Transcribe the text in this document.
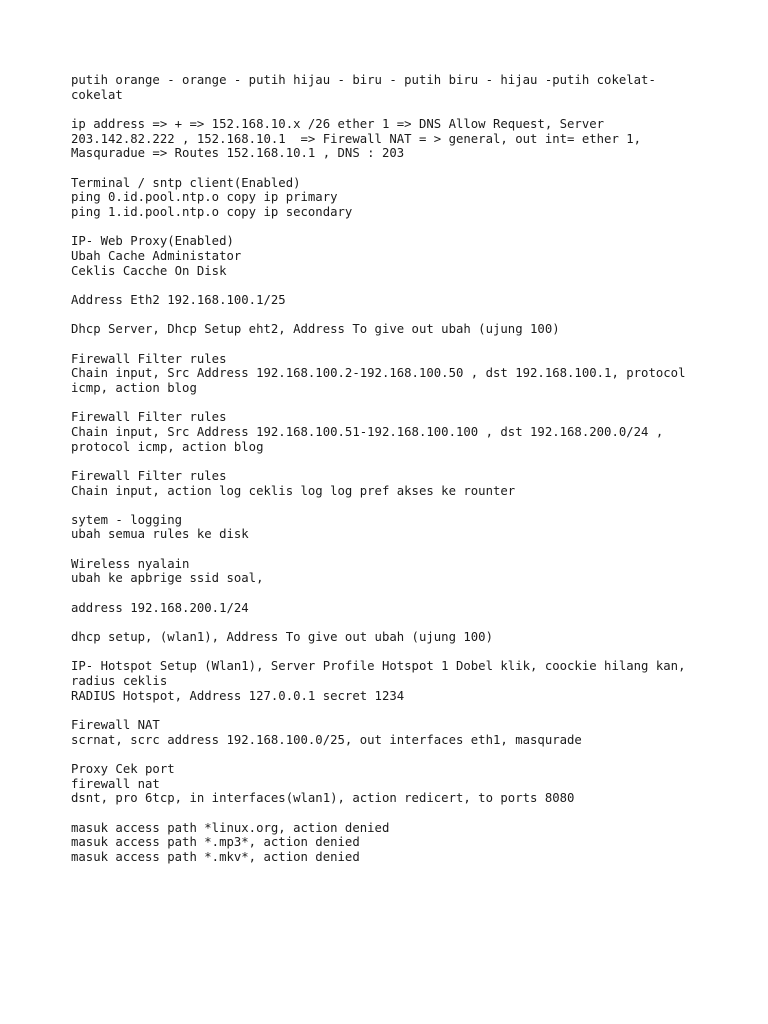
putih orange - orange - putih hijau - biru - putih biru - hijau -putih cokelat-
cokelat
ip address => + => 152.168.10.x /26 ether 1 => DNS Allow Request, Server
203.142.82.222 , 152.168.10.1  => Firewall NAT = > general, out int= ether 1,
Masquradue => Routes 152.168.10.1 , DNS : 203
Terminal / sntp client(Enabled)
ping 0.id.pool.ntp.o copy ip primary
ping 1.id.pool.ntp.o copy ip secondary
IP- Web Proxy(Enabled)
Ubah Cache Administator
Ceklis Cacche On Disk
Address Eth2 192.168.100.1/25
Dhcp Server, Dhcp Setup eht2, Address To give out ubah (ujung 100)
Firewall Filter rules
Chain input, Src Address 192.168.100.2-192.168.100.50 , dst 192.168.100.1, protocol
icmp, action blog
Firewall Filter rules
Chain input, Src Address 192.168.100.51-192.168.100.100 , dst 192.168.200.0/24 ,
protocol icmp, action blog
Firewall Filter rules
Chain input, action log ceklis log log pref akses ke rounter
sytem - logging
ubah semua rules ke disk
Wireless nyalain
ubah ke apbrige ssid soal,
address 192.168.200.1/24
dhcp setup, (wlan1), Address To give out ubah (ujung 100)
IP- Hotspot Setup (Wlan1), Server Profile Hotspot 1 Dobel klik, coockie hilang kan,
radius ceklis
RADIUS Hotspot, Address 127.0.0.1 secret 1234
Firewall NAT
scrnat, scrc address 192.168.100.0/25, out interfaces eth1, masqurade
Proxy Cek port
firewall nat
dsnt, pro 6tcp, in interfaces(wlan1), action redicert, to ports 8080
masuk access path *linux.org, action denied
masuk access path *.mp3*, action denied
masuk access path *.mkv*, action denied
